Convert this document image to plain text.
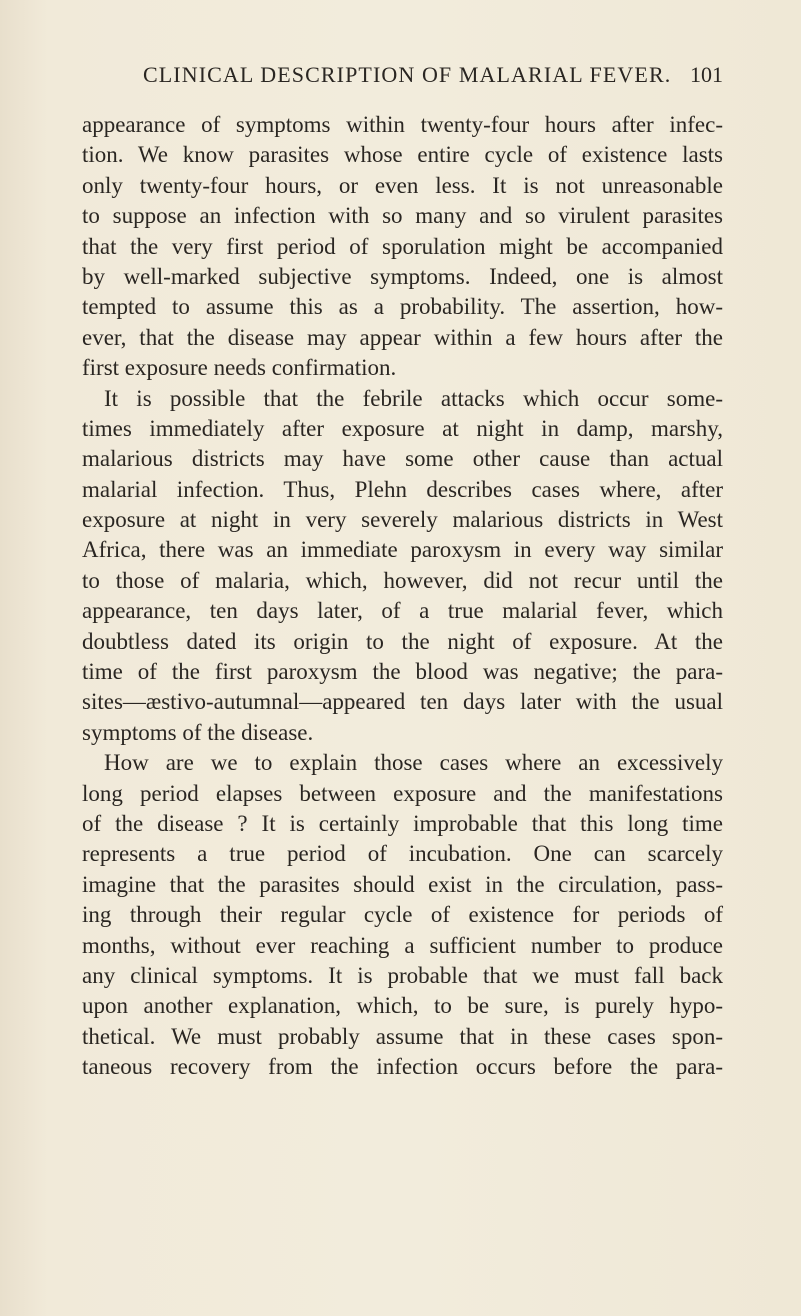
CLINICAL DESCRIPTION OF MALARIAL FEVER. 101
appearance of symptoms within twenty-four hours after infec-
tion. We know parasites whose entire cycle of existence lasts
only twenty-four hours, or even less. It is not unreasonable
to suppose an infection with so many and so virulent parasites
that the very first period of sporulation might be accompanied
by well-marked subjective symptoms. Indeed, one is almost
tempted to assume this as a probability. The assertion, how-
ever, that the disease may appear within a few hours after the
first exposure needs confirmation.
It is possible that the febrile attacks which occur some-
times immediately after exposure at night in damp, marshy,
malarious districts may have some other cause than actual
malarial infection. Thus, Plehn describes cases where, after
exposure at night in very severely malarious districts in West
Africa, there was an immediate paroxysm in every way similar
to those of malaria, which, however, did not recur until the
appearance, ten days later, of a true malarial fever, which
doubtless dated its origin to the night of exposure. At the
time of the first paroxysm the blood was negative; the para-
sites—æstivo-autumnal—appeared ten days later with the usual
symptoms of the disease.
How are we to explain those cases where an excessively
long period elapses between exposure and the manifestations
of the disease ? It is certainly improbable that this long time
represents a true period of incubation. One can scarcely
imagine that the parasites should exist in the circulation, pass-
ing through their regular cycle of existence for periods of
months, without ever reaching a sufficient number to produce
any clinical symptoms. It is probable that we must fall back
upon another explanation, which, to be sure, is purely hypo-
thetical. We must probably assume that in these cases spon-
taneous recovery from the infection occurs before the para-
